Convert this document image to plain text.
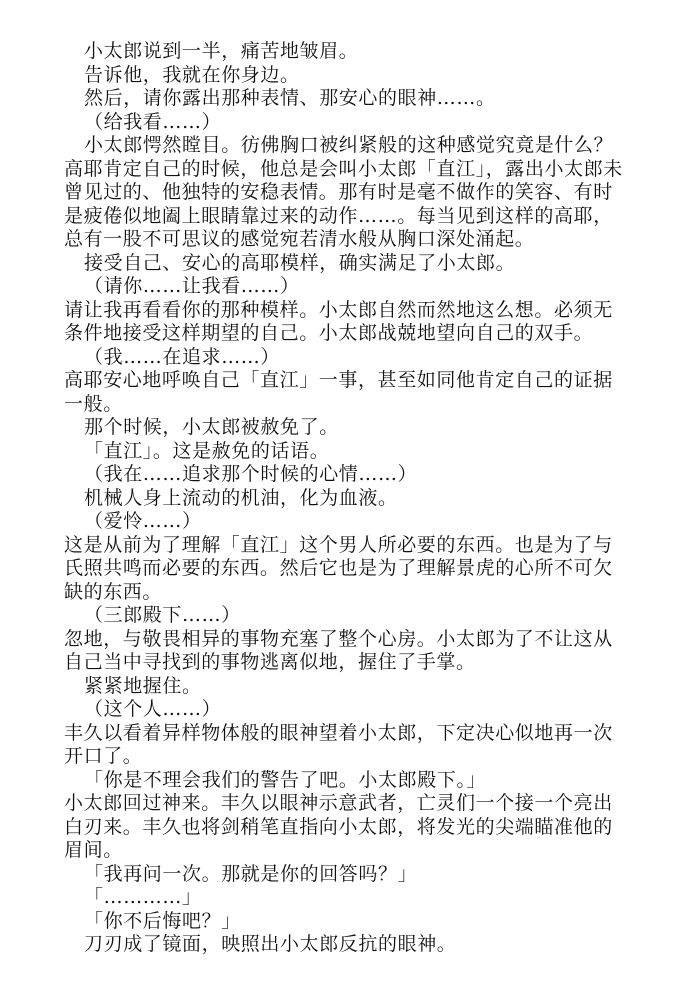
小太郎说到一半，痛苦地皱眉。

告诉他，我就在你身边。

然后，请你露出那种表情、那安心的眼神……。

（给我看……）

小太郎愕然瞠目。彷佛胸口被纠紧般的这种感觉究竟是什么？

高耶肯定自己的时候，他总是会叫小太郎「直江」，露出小太郎未曾见过的、他独特的安稳表情。那有时是毫不做作的笑容、有时是疲倦似地阖上眼睛靠过来的动作……。每当见到这样的高耶，总有一股不可思议的感觉宛若清水般从胸口深处涌起。

接受自己、安心的高耶模样，确实满足了小太郎。

（请你……让我看……）

请让我再看看你的那种模样。小太郎自然而然地这么想。必须无条件地接受这样期望的自己。小太郎战兢地望向自己的双手。

（我……在追求……）

高耶安心地呼唤自己「直江」一事，甚至如同他肯定自己的证据一般。

那个时候，小太郎被赦免了。

「直江」。这是赦免的话语。

（我在……追求那个时候的心情……）

机械人身上流动的机油，化为血液。

（爱怜……）

这是从前为了理解「直江」这个男人所必要的东西。也是为了与氏照共鸣而必要的东西。然后它也是为了理解景虎的心所不可欠缺的东西。

（三郎殿下……）

忽地，与敬畏相异的事物充塞了整个心房。小太郎为了不让这从自己当中寻找到的事物逃离似地，握住了手掌。

紧紧地握住。

（这个人……）

丰久以看着异样物体般的眼神望着小太郎，下定决心似地再一次开口了。

「你是不理会我们的警告了吧。小太郎殿下。」

小太郎回过神来。丰久以眼神示意武者，亡灵们一个接一个亮出白刃来。丰久也将剑稍笔直指向小太郎，将发光的尖端瞄准他的眉间。

「我再问一次。那就是你的回答吗？」

「…………」

「你不后悔吧？」

刀刃成了镜面，映照出小太郎反抗的眼神。
